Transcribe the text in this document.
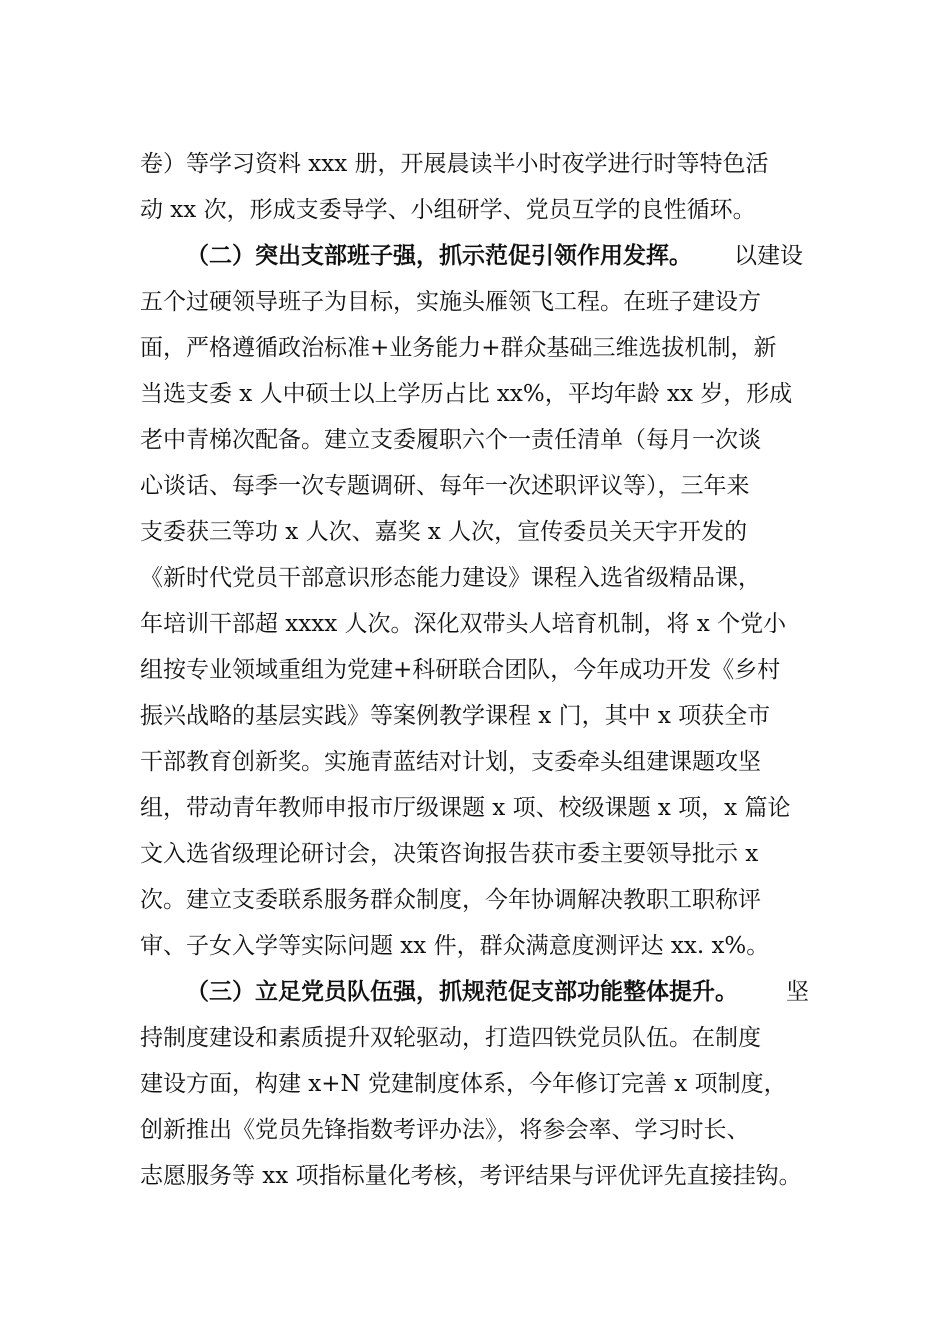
卷）等学习资料 xxx 册，开展晨读半小时夜学进行时等特色活
动 xx 次，形成支委导学、小组研学、党员互学的良性循环。
（二）突出支部班子强，抓示范促引领作用发挥。 以建设
五个过硬领导班子为目标，实施头雁领飞工程。在班子建设方
面，严格遵循政治标准+业务能力+群众基础三维选拔机制，新
当选支委 x 人中硕士以上学历占比 xx%，平均年龄 xx 岁，形成
老中青梯次配备。建立支委履职六个一责任清单（每月一次谈
心谈话、每季一次专题调研、每年一次述职评议等），三年来
支委获三等功 x 人次、嘉奖 x 人次，宣传委员关天宇开发的
《新时代党员干部意识形态能力建设》课程入选省级精品课，
年培训干部超 xxxx 人次。深化双带头人培育机制，将 x 个党小
组按专业领域重组为党建+科研联合团队，今年成功开发《乡村
振兴战略的基层实践》等案例教学课程 x 门，其中 x 项获全市
干部教育创新奖。实施青蓝结对计划，支委牵头组建课题攻坚
组，带动青年教师申报市厅级课题 x 项、校级课题 x 项，x 篇论
文入选省级理论研讨会，决策咨询报告获市委主要领导批示 x
次。建立支委联系服务群众制度，今年协调解决教职工职称评
审、子女入学等实际问题 xx 件，群众满意度测评达 xx. x%。
（三）立足党员队伍强，抓规范促支部功能整体提升。 坚
持制度建设和素质提升双轮驱动，打造四铁党员队伍。在制度
建设方面，构建 x+N 党建制度体系，今年修订完善 x 项制度，
创新推出《党员先锋指数考评办法》，将参会率、学习时长、
志愿服务等 xx 项指标量化考核，考评结果与评优评先直接挂钩。
